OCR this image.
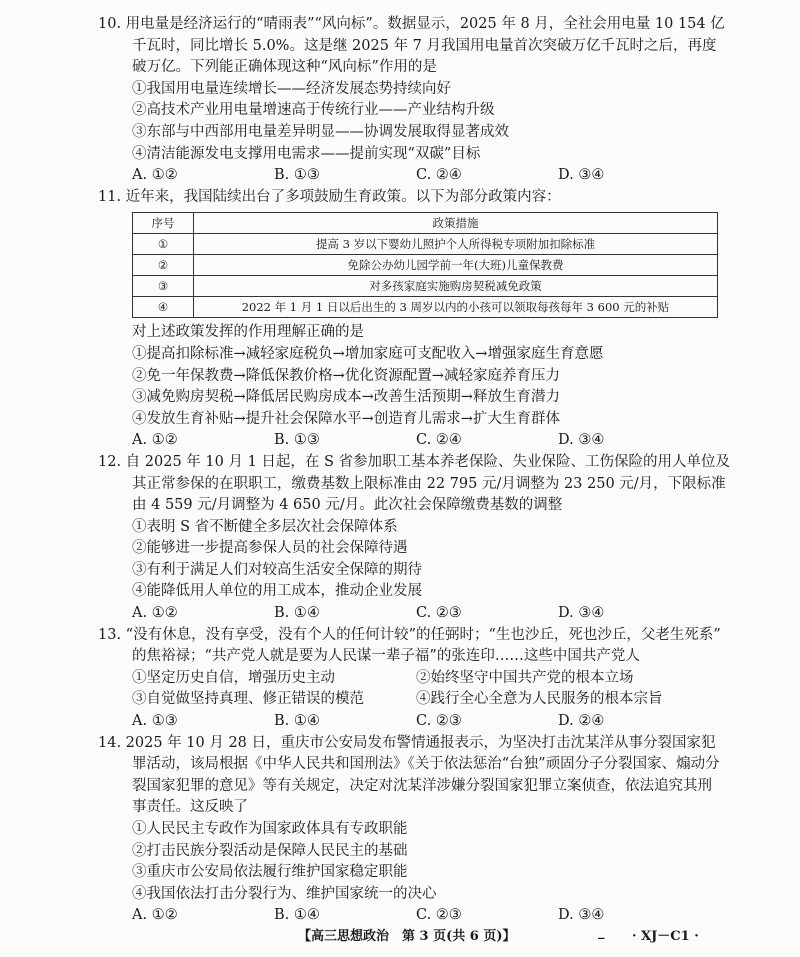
10. 用电量是经济运行的“晴雨表”“风向标”。数据显示，2025 年 8 月，全社会用电量 10 154 亿
千瓦时，同比增长 5.0%。这是继 2025 年 7 月我国用电量首次突破万亿千瓦时之后，再度
破万亿。下列能正确体现这种“风向标”作用的是
①我国用电量连续增长——经济发展态势持续向好
②高技术产业用电量增速高于传统行业——产业结构升级
③东部与中西部用电量差异明显——协调发展取得显著成效
④清洁能源发电支撑用电需求——提前实现“双碳”目标
A. ①②	B. ①③	C. ②④	D. ③④
11. 近年来，我国陆续出台了多项鼓励生育政策。以下为部分政策内容：
序号	政策措施
①	提高 3 岁以下婴幼儿照护个人所得税专项附加扣除标准
②	免除公办幼儿园学前一年(大班)儿童保教费
③	对多孩家庭实施购房契税减免政策
④	2022 年 1 月 1 日以后出生的 3 周岁以内的小孩可以领取每孩每年 3 600 元的补贴
对上述政策发挥的作用理解正确的是
①提高扣除标准→减轻家庭税负→增加家庭可支配收入→增强家庭生育意愿
②免一年保教费→降低保教价格→优化资源配置→减轻家庭养育压力
③减免购房契税→降低居民购房成本→改善生活预期→释放生育潜力
④发放生育补贴→提升社会保障水平→创造育儿需求→扩大生育群体
A. ①②	B. ①③	C. ②④	D. ③④
12. 自 2025 年 10 月 1 日起，在 S 省参加职工基本养老保险、失业保险、工伤保险的用人单位及
其正常参保的在职职工，缴费基数上限标准由 22 795 元/月调整为 23 250 元/月，下限标准
由 4 559 元/月调整为 4 650 元/月。此次社会保障缴费基数的调整
①表明 S 省不断健全多层次社会保障体系
②能够进一步提高参保人员的社会保障待遇
③有利于满足人们对较高生活安全保障的期待
④能降低用人单位的用工成本，推动企业发展
A. ①②	B. ①④	C. ②③	D. ③④
13. “没有休息，没有享受，没有个人的任何计较”的任弼时；“生也沙丘，死也沙丘，父老生死系”
的焦裕禄；“共产党人就是要为人民谋一辈子福”的张连印……这些中国共产党人
①坚定历史自信，增强历史主动	②始终坚守中国共产党的根本立场
③自觉做坚持真理、修正错误的模范	④践行全心全意为人民服务的根本宗旨
A. ①③	B. ①④	C. ②③	D. ②④
14. 2025 年 10 月 28 日，重庆市公安局发布警情通报表示，为坚决打击沈某洋从事分裂国家犯
罪活动，该局根据《中华人民共和国刑法》《关于依法惩治“台独”顽固分子分裂国家、煽动分
裂国家犯罪的意见》等有关规定，决定对沈某洋涉嫌分裂国家犯罪立案侦查，依法追究其刑
事责任。这反映了
①人民民主专政作为国家政体具有专政职能
②打击民族分裂活动是保障人民民主的基础
③重庆市公安局依法履行维护国家稳定职能
④我国依法打击分裂行为、维护国家统一的决心
A. ①②	B. ①④	C. ②③	D. ③④
【高三思想政治　第 3 页(共 6 页)】	_ · XJ－C1 ·
